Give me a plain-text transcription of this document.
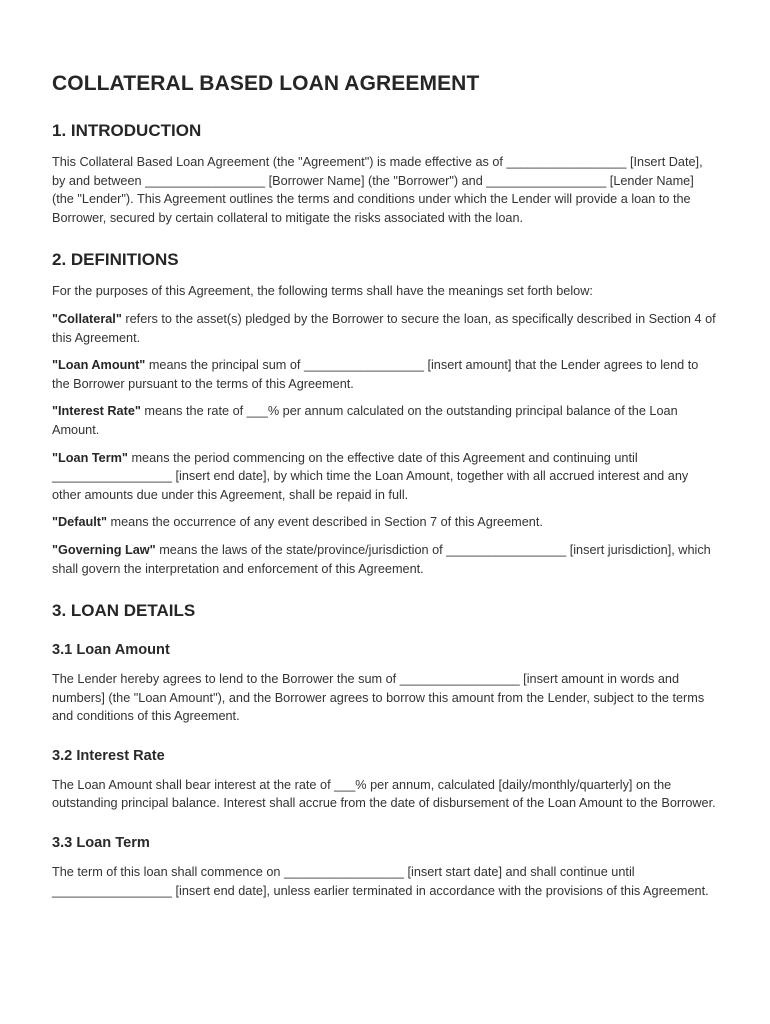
COLLATERAL BASED LOAN AGREEMENT
1. INTRODUCTION

This Collateral Based Loan Agreement (the "Agreement") is made effective as of _________________ [Insert Date], by and between _________________ [Borrower Name] (the "Borrower") and _________________ [Lender Name] (the "Lender"). This Agreement outlines the terms and conditions under which the Lender will provide a loan to the Borrower, secured by certain collateral to mitigate the risks associated with the loan.

2. DEFINITIONS

For the purposes of this Agreement, the following terms shall have the meanings set forth below:

"Collateral" refers to the asset(s) pledged by the Borrower to secure the loan, as specifically described in Section 4 of this Agreement.

"Loan Amount" means the principal sum of _________________ [insert amount] that the Lender agrees to lend to the Borrower pursuant to the terms of this Agreement.

"Interest Rate" means the rate of ___% per annum calculated on the outstanding principal balance of the Loan Amount.

"Loan Term" means the period commencing on the effective date of this Agreement and continuing until _________________ [insert end date], by which time the Loan Amount, together with all accrued interest and any other amounts due under this Agreement, shall be repaid in full.

"Default" means the occurrence of any event described in Section 7 of this Agreement.

"Governing Law" means the laws of the state/province/jurisdiction of _________________ [insert jurisdiction], which shall govern the interpretation and enforcement of this Agreement.

3. LOAN DETAILS
3.1 Loan Amount

The Lender hereby agrees to lend to the Borrower the sum of _________________ [insert amount in words and numbers] (the "Loan Amount"), and the Borrower agrees to borrow this amount from the Lender, subject to the terms and conditions of this Agreement.

3.2 Interest Rate

The Loan Amount shall bear interest at the rate of ___% per annum, calculated [daily/monthly/quarterly] on the outstanding principal balance. Interest shall accrue from the date of disbursement of the Loan Amount to the Borrower.

3.3 Loan Term

The term of this loan shall commence on _________________ [insert start date] and shall continue until _________________ [insert end date], unless earlier terminated in accordance with the provisions of this Agreement.
